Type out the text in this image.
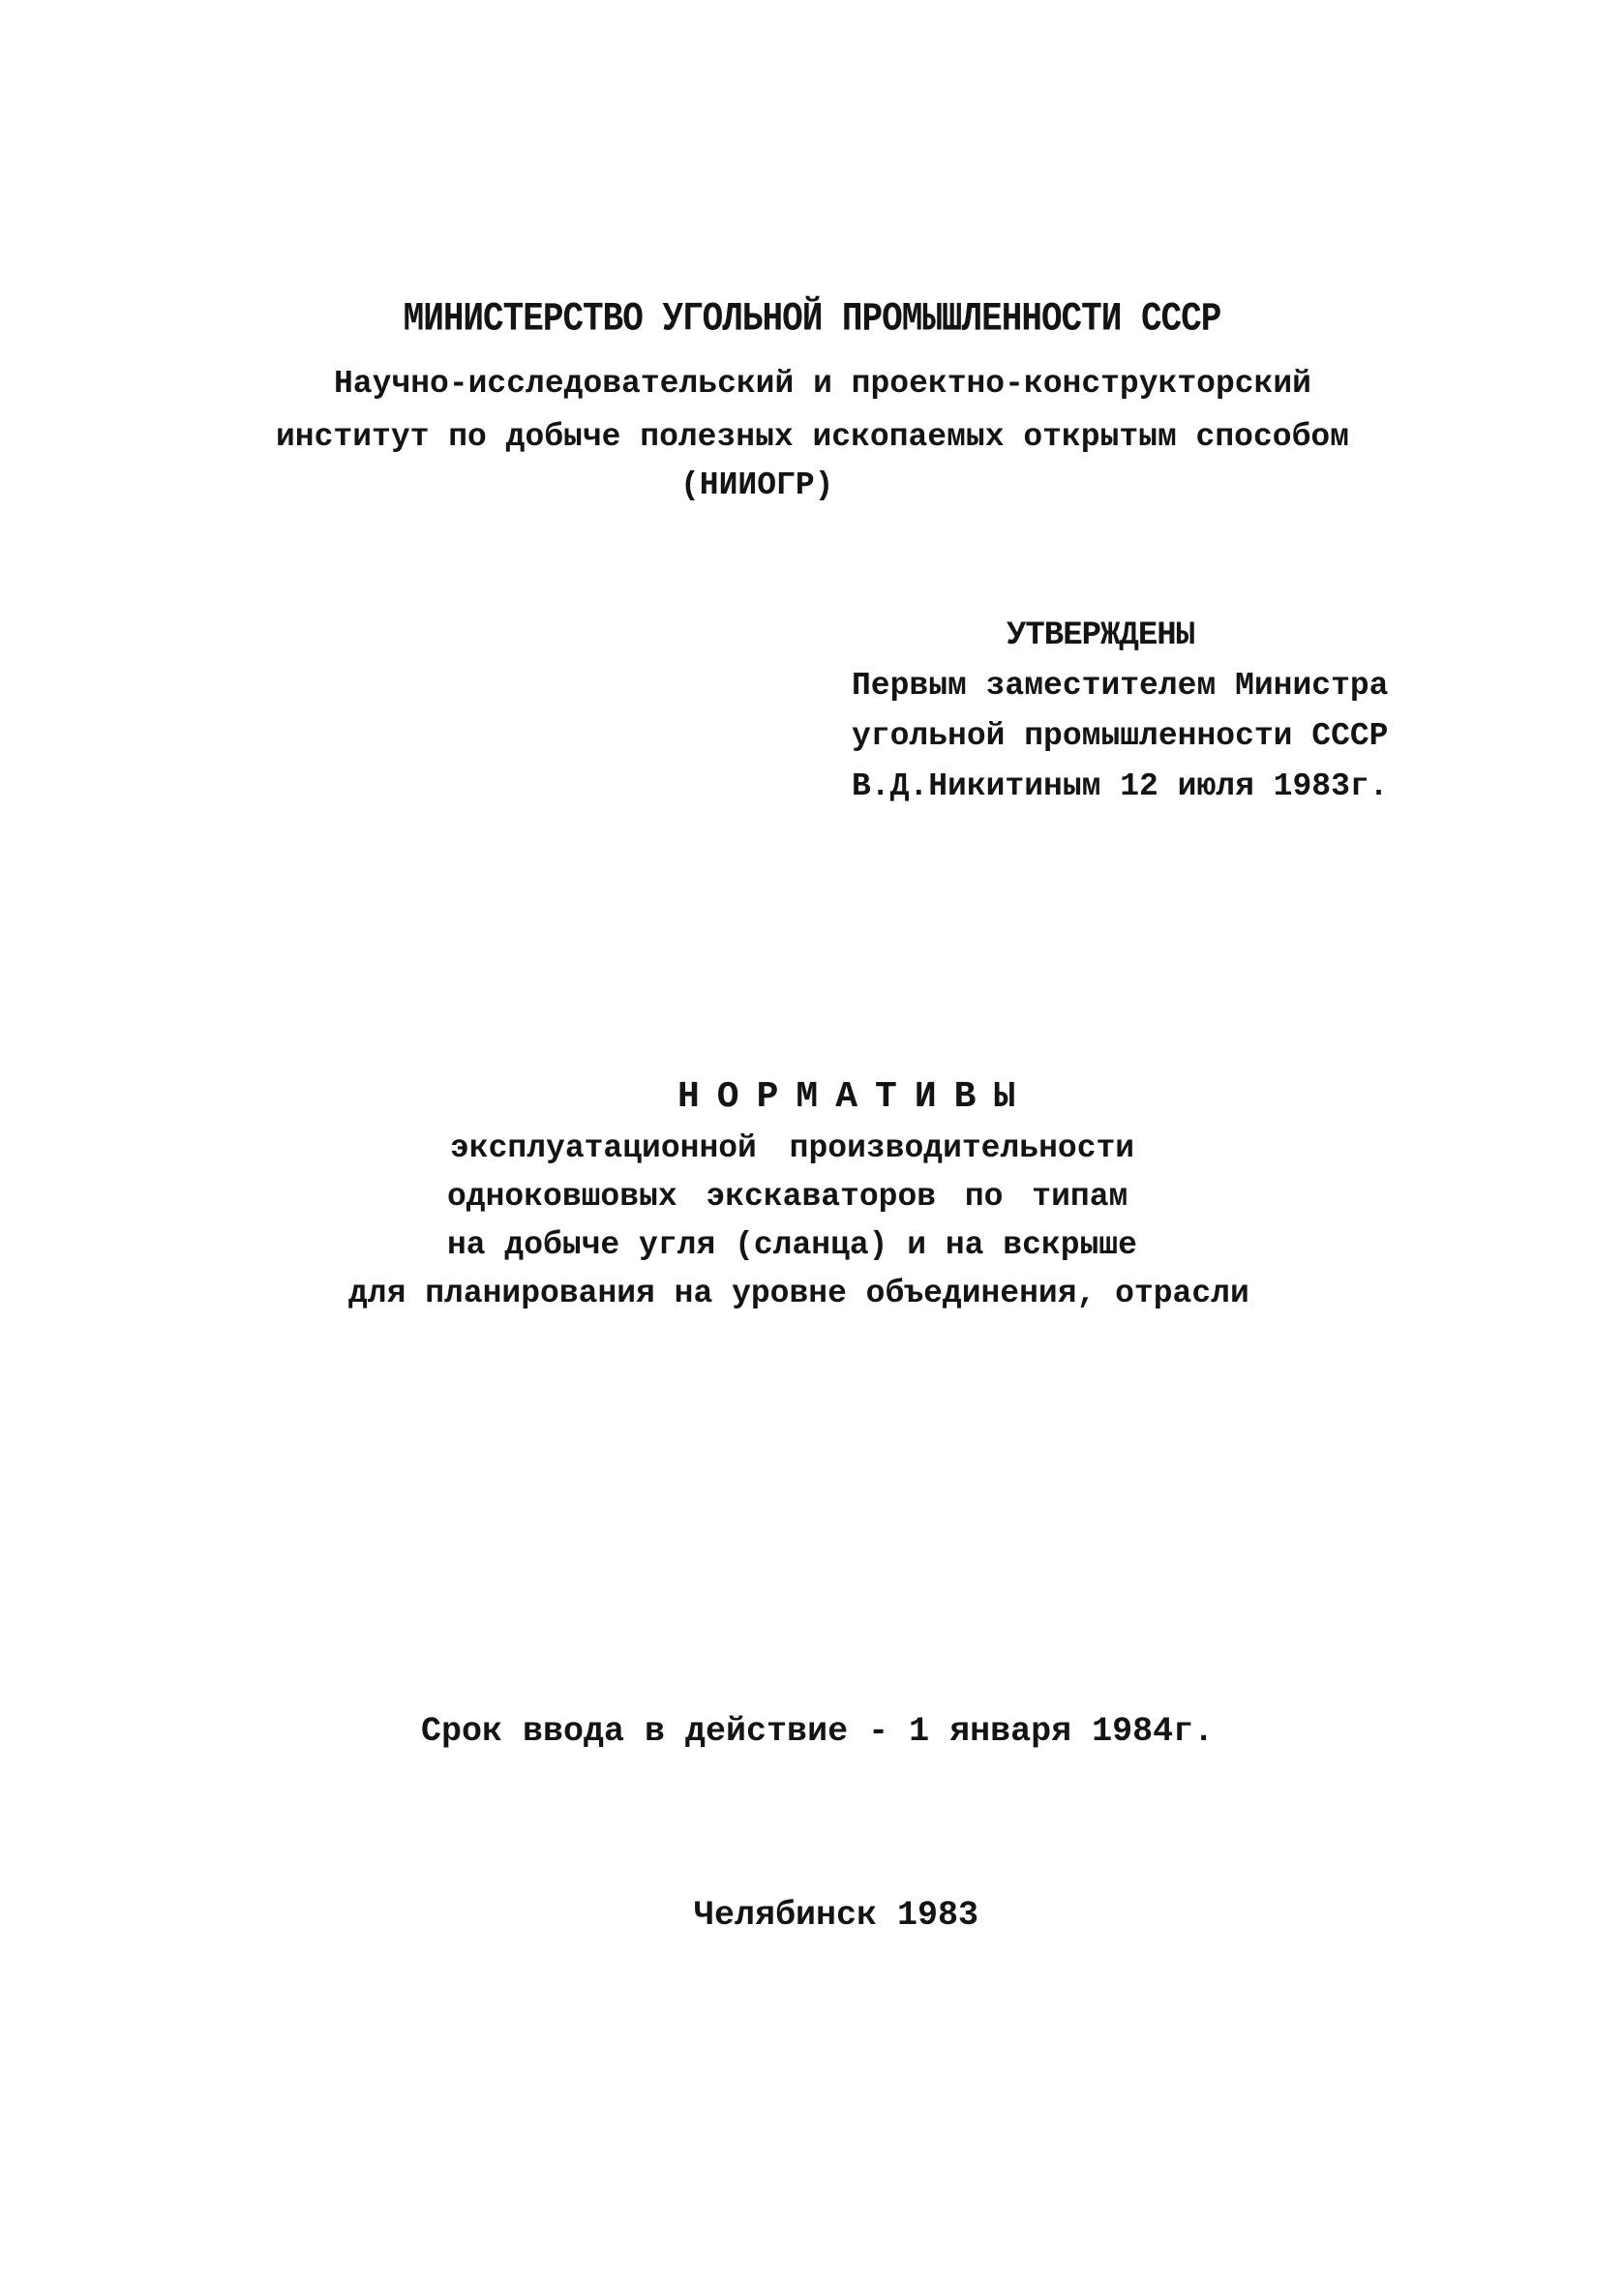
МИНИСТЕРСТВО УГОЛЬНОЙ ПРОМЫШЛЕННОСТИ СССР
Научно-исследовательский и проектно-конструкторский
институт по добыче полезных ископаемых открытым способом
(НИИОГР)
УТВЕРЖДЕНЫ
Первым заместителем Министра
угольной промышленности СССР
В.Д.Никитиным 12 июля 1983г.
НОРМАТИВЫ
эксплуатационной производительности
одноковшовых экскаваторов по типам
на добыче угля (сланца) и на вскрыше
для планирования на уровне объединения, отрасли
Срок ввода в действие - 1 января 1984г.
Челябинск 1983
